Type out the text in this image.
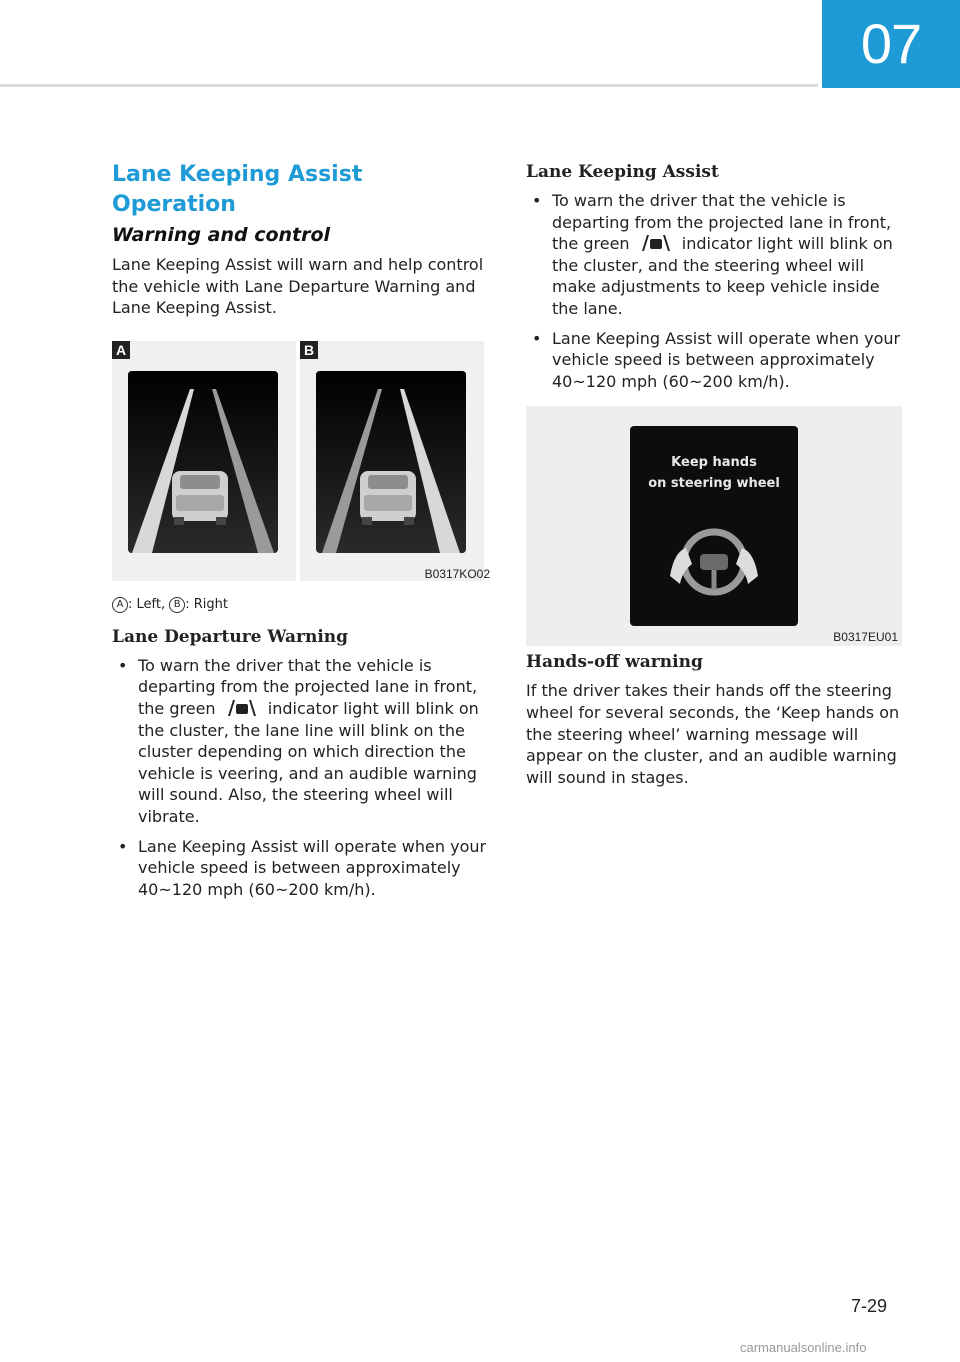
07
Lane Keeping Assist Operation
Warning and control

Lane Keeping Assist will warn and help control the vehicle with Lane Departure Warning and Lane Keeping Assist.

A	B
B0317KO02

A : Left, B : Right

Lane Departure Warning
• To warn the driver that the vehicle is departing from the projected lane in front, the green	indicator light will blink on the cluster, the lane line will blink on the cluster depending on which direction the vehicle is veering, and an audible warning will sound. Also, the steering wheel will vibrate.
• Lane Keeping Assist will operate when your vehicle speed is between approximately 40~120 mph (60~200 km/h).
Lane Keeping Assist
• To warn the driver that the vehicle is departing from the projected lane in front, the green	indicator light will blink on the cluster, and the steering wheel will make adjustments to keep vehicle inside the lane.
• Lane Keeping Assist will operate when your vehicle speed is between approximately 40~120 mph (60~200 km/h).
Keep hands
on steering wheel
B0317EU01
Hands-off warning

If the driver takes their hands off the steering wheel for several seconds, the ‘Keep hands on the steering wheel’ warning message will appear on the cluster, and an audible warning will sound in stages.

7-29
carmanualsonline.info
